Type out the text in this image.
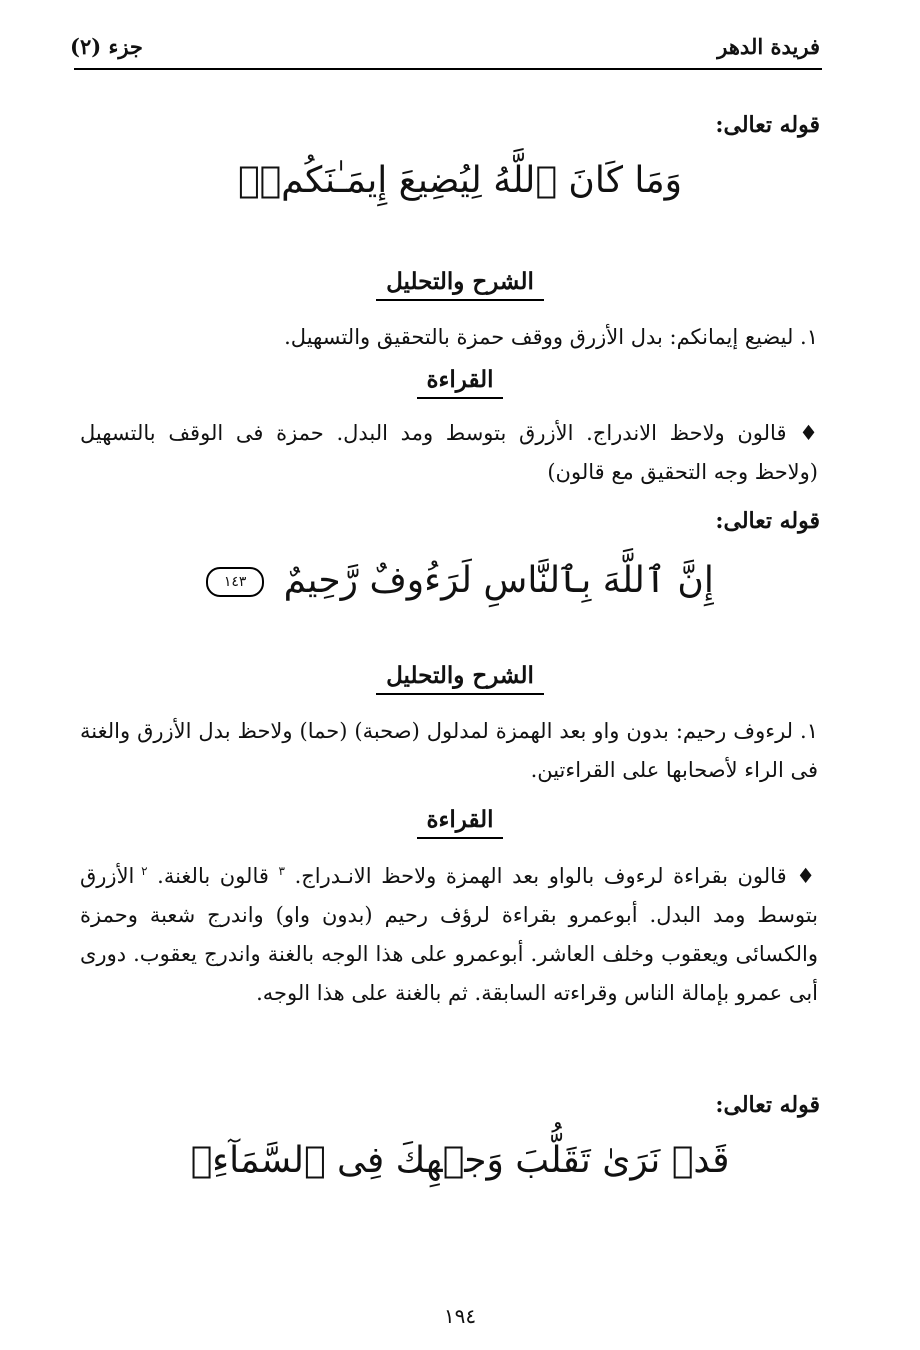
فريدة الدهر
جزء (٢)
قوله تعالى:
وَمَا كَانَ ٱللَّهُ لِيُضِيعَ إِيمَـٰنَكُمۡۚ
الشرح والتحليل
١. ليضيع إيمانكم: بدل الأزرق ووقف حمزة بالتحقيق والتسهيل.
القراءة
♦ قالون ولاحظ الاندراج. الأزرق بتوسط ومد البدل. حمزة فى الوقف بالتسهيل (ولاحظ وجه التحقيق مع قالون)
قوله تعالى:
إِنَّ ٱللَّهَ بِٱلنَّاسِ لَرَءُوفٌ رَّحِيمٌ ١٤٣
الشرح والتحليل
١. لرءوف رحيم: بدون واو بعد الهمزة لمدلول (صحبة) (حما) ولاحظ بدل الأزرق والغنة فى الراء لأصحابها على القراءتين.
القراءة
♦ قالون بقراءة لرءوف بالواو بعد الهمزة ولاحظ الانـدراج. $^٣$ قالون بالغنة. $^٢$ الأزرق بتوسط ومد البدل. أبوعمرو بقراءة لرؤف رحيم (بدون واو) واندرج شعبة وحمزة والكسائى ويعقوب وخلف العاشر. أبوعمرو على هذا الوجه بالغنة واندرج يعقوب. دورى أبى عمرو بإمالة الناس وقراءته السابقة. ثم بالغنة على هذا الوجه.
قوله تعالى:
قَدۡ نَرَىٰ تَقَلُّبَ وَجۡهِكَ فِى ٱلسَّمَآءِۖ
١٩٤
